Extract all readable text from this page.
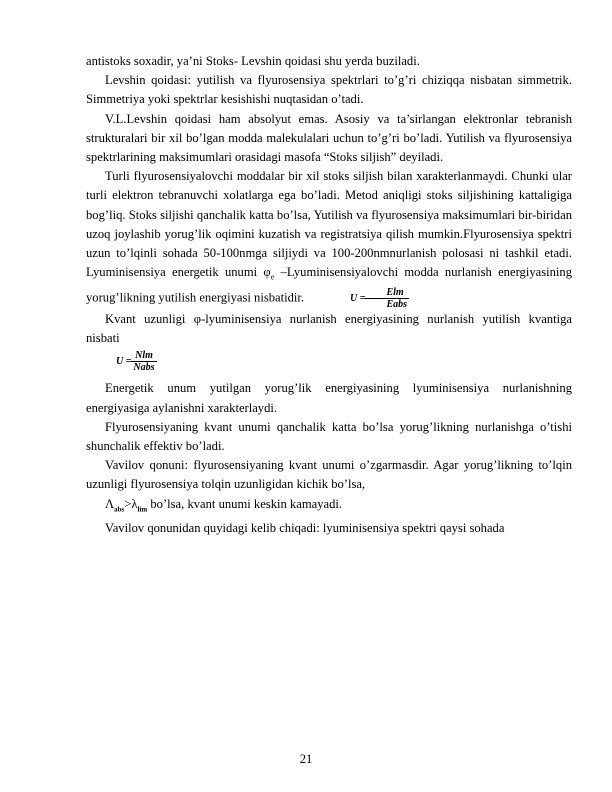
antistoks soxadir, ya’ni Stoks- Levshin qoidasi shu yerda buziladi.

Levshin qoidasi: yutilish va flyurosensiya spektrlari to’g’ri chiziqqa nisbatan simmetrik. Simmetriya yoki spektrlar kesishishi nuqtasidan o’tadi.

V.L.Levshin qoidasi ham absolyut emas. Asosiy va ta’sirlangan elektronlar tebranish strukturalari bir xil bo’lgan modda malekulalari uchun to’g’ri bo’ladi. Yutilish va flyurosensiya spektrlarining maksimumlari orasidagi masofa “Stoks siljish” deyiladi.

Turli flyurosensiyalovchi moddalar bir xil stoks siljish bilan xarakterlanmaydi. Chunki ular turli elektron tebranuvchi xolatlarga ega bo’ladi. Metod aniqligi stoks siljishining kattaligiga bog’liq. Stoks siljishi qanchalik katta bo’lsa, Yutilish va flyurosensiya maksimumlari bir-biridan uzoq joylashib yorug’lik oqimini kuzatish va registratsiya qilish mumkin.Flyurosensiya spektri uzun to’lqinli sohada 50-100nmga siljiydi va 100-200nmnurlanish polosasi ni tashkil etadi. Lyuminisensiya energetik unumi $\varphi_e$ –Lyuminisensiyalovchi modda nurlanish energiyasining yorug’likning yutilish energiyasi nisbatidir.	$U = \frac{\text{Elm}}{\text{Eabs}}$

Kvant uzunligi φ-lyuminisensiya nurlanish energiyasining nurlanish yutilish kvantiga nisbati

$U = \frac{\text{Nlm}}{\text{Nabs}}$

Energetik unum yutilgan yorug’lik energiyasining lyuminisensiya nurlanishning energiyasiga aylanishni xarakterlaydi.

Flyurosensiyaning kvant unumi qanchalik katta bo’lsa yorug’likning nurlanishga o’tishi shunchalik effektiv bo’ladi.

Vavilov qonuni: flyurosensiyaning kvant unumi o’zgarmasdir. Agar yorug’likning to’lqin uzunligi flyurosensiya tolqin uzunligidan kichik bo’lsa,

$\Lambda_{abs}>\lambda_{lim}$ bo’lsa, kvant unumi keskin kamayadi.

Vavilov qonunidan quyidagi kelib chiqadi: lyuminisensiya spektri qaysi sohada

21
